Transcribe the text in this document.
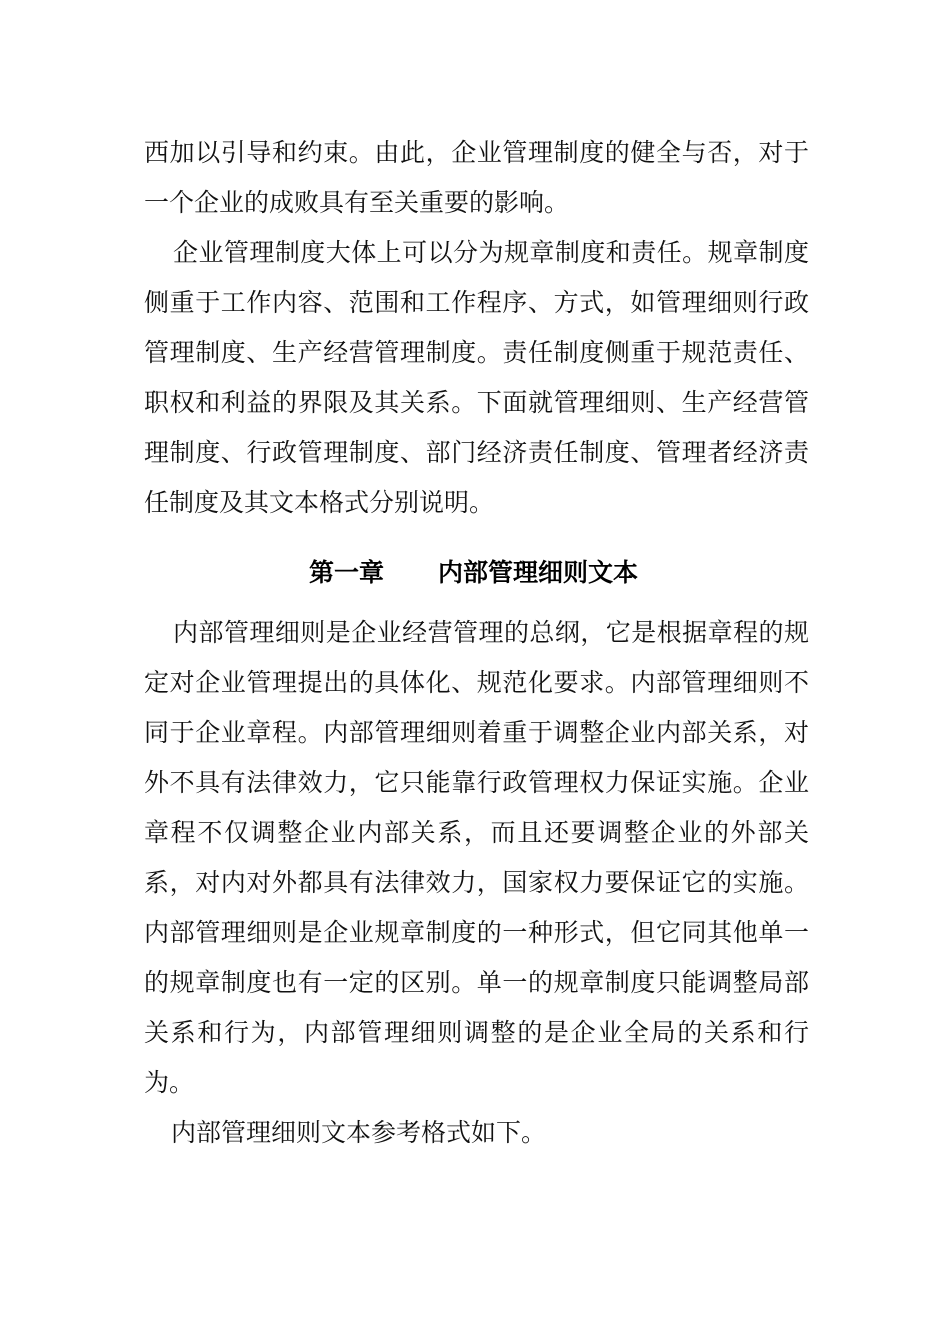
西加以引导和约束。由此，企业管理制度的健全与否，对于一个企业的成败具有至关重要的影响。

企业管理制度大体上可以分为规章制度和责任。规章制度侧重于工作内容、范围和工作程序、方式，如管理细则行政管理制度、生产经营管理制度。责任制度侧重于规范责任、职权和利益的界限及其关系。下面就管理细则、生产经营管理制度、行政管理制度、部门经济责任制度、管理者经济责任制度及其文本格式分别说明。

第一章 内部管理细则文本

内部管理细则是企业经营管理的总纲，它是根据章程的规定对企业管理提出的具体化、规范化要求。内部管理细则不同于企业章程。内部管理细则着重于调整企业内部关系，对外不具有法律效力，它只能靠行政管理权力保证实施。企业章程不仅调整企业内部关系，而且还要调整企业的外部关系，对内对外都具有法律效力，国家权力要保证它的实施。内部管理细则是企业规章制度的一种形式，但它同其他单一的规章制度也有一定的区别。单一的规章制度只能调整局部关系和行为，内部管理细则调整的是企业全局的关系和行为。

内部管理细则文本参考格式如下。
